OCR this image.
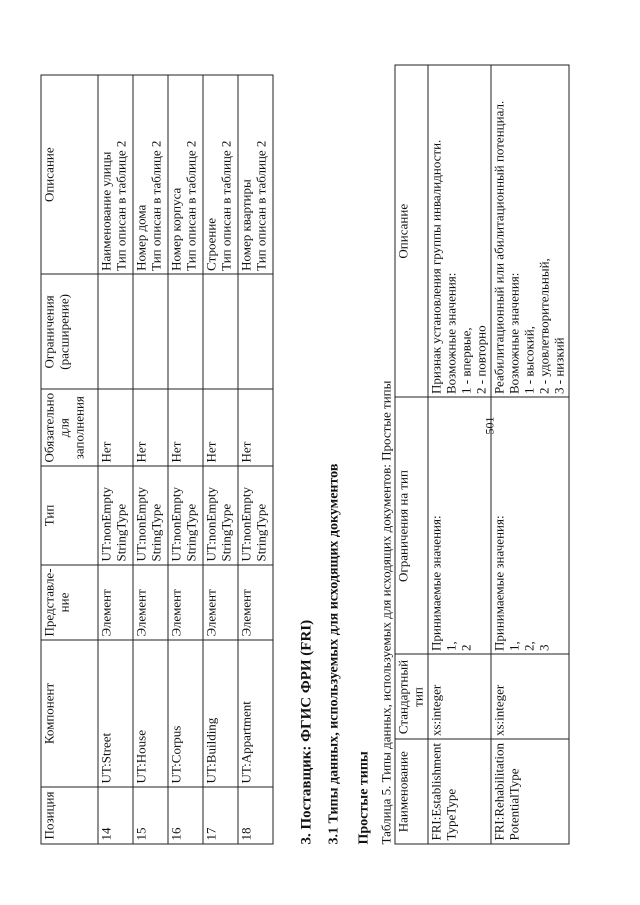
Позиция	Компонент	Представле-ние	Тип	Обязательно для заполнения	Ограничения (расширение)	Описание
14	UT:Street	Элемент	UT:nonEmpty StringType	Нет		Наименование улицы Тип описан в таблице 2

15	UT:House	Элемент	UT:nonEmpty StringType	Нет		Номер дома Тип описан в таблице 2

16	UT:Corpus	Элемент	UT:nonEmpty StringType	Нет		Номер корпуса Тип описан в таблице 2

17	UT:Building	Элемент	UT:nonEmpty StringType	Нет		Строение Тип описан в таблице 2

18	UT:Appartment	Элемент	UT:nonEmpty StringType	Нет		Номер квартиры Тип описан в таблице 2
3. Поставщик: ФГИС ФРИ (FRI) 3.1 Типы данных, используемых для исходящих документов Простые типы Таблица 5. Типы данных, используемых для исходящих документов: Простые типы Наименование	Стандартный тип	Ограничения на тип	Описание

FRI:Establishment TypeType	xs:integer	Принимаемые значения: 1, 2	Признак установления группы инвалидности. Возможные значения: 1 - впервые, 2 - повторно

FRI:Rehabilitation PotentialType	xs:integer	Принимаемые значения: 1, 2, 3	Реабилитационный или абилитационный потенциал. Возможные значения: 1 - высокий, 2 - удовлетворительный, 3 - низкий
501
